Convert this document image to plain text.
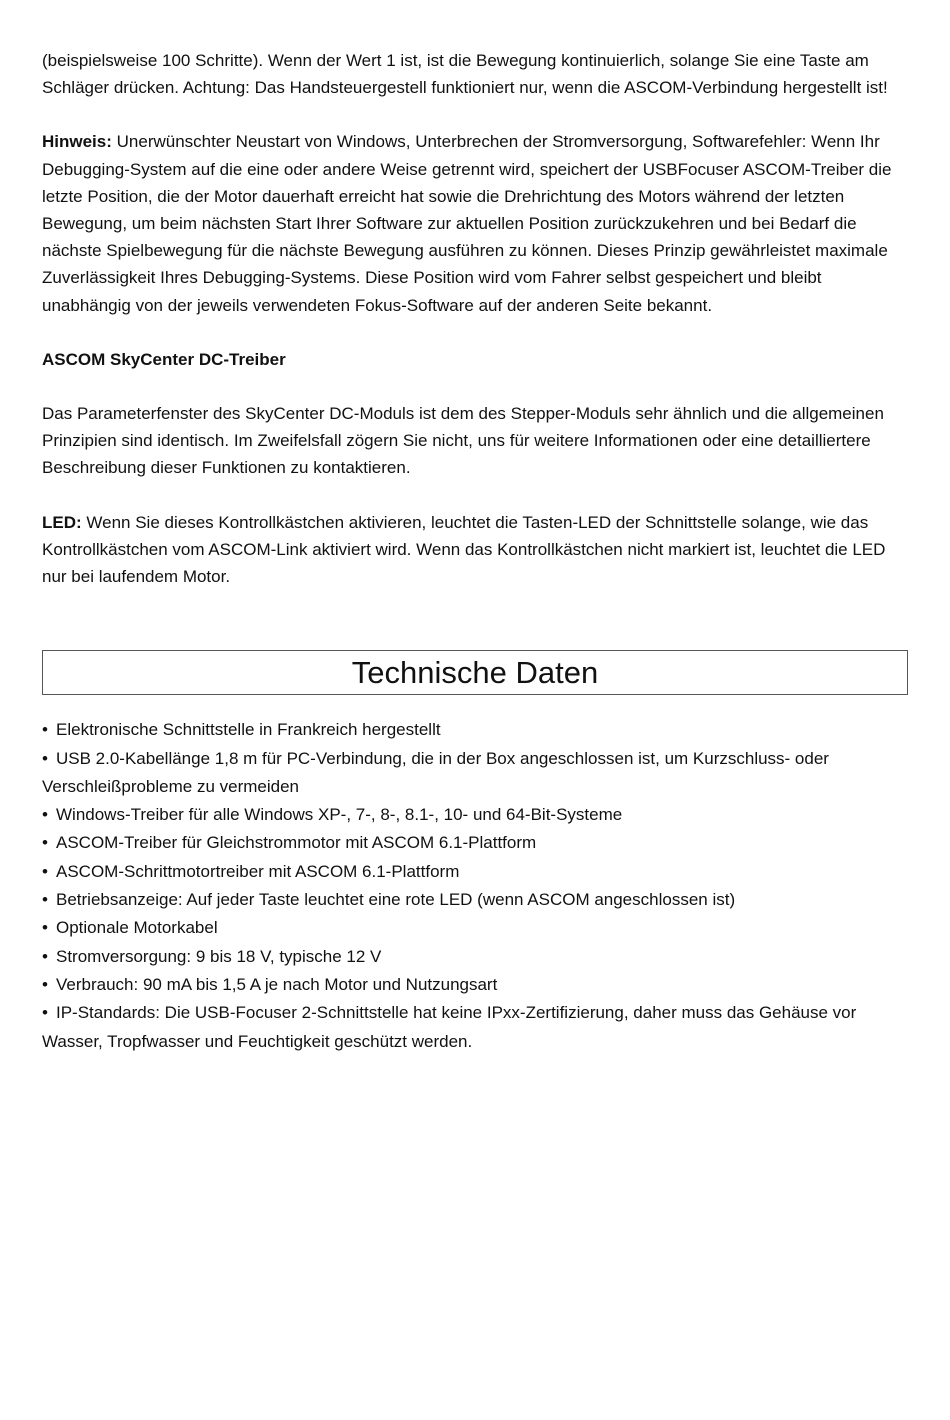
(beispielsweise 100 Schritte). Wenn der Wert 1 ist, ist die Bewegung kontinuierlich, solange Sie eine Taste am Schläger drücken. Achtung: Das Handsteuergestell funktioniert nur, wenn die ASCOM-Verbindung hergestellt ist!

Hinweis: Unerwünschter Neustart von Windows, Unterbrechen der Stromversorgung, Softwarefehler: Wenn Ihr Debugging-System auf die eine oder andere Weise getrennt wird, speichert der USBFocuser ASCOM-Treiber die letzte Position, die der Motor dauerhaft erreicht hat sowie die Drehrichtung des Motors während der letzten Bewegung, um beim nächsten Start Ihrer Software zur aktuellen Position zurückzukehren und bei Bedarf die nächste Spielbewegung für die nächste Bewegung ausführen zu können. Dieses Prinzip gewährleistet maximale Zuverlässigkeit Ihres Debugging-Systems. Diese Position wird vom Fahrer selbst gespeichert und bleibt unabhängig von der jeweils verwendeten Fokus-Software auf der anderen Seite bekannt.

ASCOM SkyCenter DC-Treiber

Das Parameterfenster des SkyCenter DC-Moduls ist dem des Stepper-Moduls sehr ähnlich und die allgemeinen Prinzipien sind identisch. Im Zweifelsfall zögern Sie nicht, uns für weitere Informationen oder eine detailliertere Beschreibung dieser Funktionen zu kontaktieren.

LED: Wenn Sie dieses Kontrollkästchen aktivieren, leuchtet die Tasten-LED der Schnittstelle solange, wie das Kontrollkästchen vom ASCOM-Link aktiviert wird. Wenn das Kontrollkästchen nicht markiert ist, leuchtet die LED nur bei laufendem Motor.

Technische Daten
• Elektronische Schnittstelle in Frankreich hergestellt
• USB 2.0-Kabellänge 1,8 m für PC-Verbindung, die in der Box angeschlossen ist, um Kurzschluss- oder Verschleißprobleme zu vermeiden
• Windows-Treiber für alle Windows XP-, 7-, 8-, 8.1-, 10- und 64-Bit-Systeme
• ASCOM-Treiber für Gleichstrommotor mit ASCOM 6.1-Plattform
• ASCOM-Schrittmotortreiber mit ASCOM 6.1-Plattform
• Betriebsanzeige: Auf jeder Taste leuchtet eine rote LED (wenn ASCOM angeschlossen ist)
• Optionale Motorkabel
• Stromversorgung: 9 bis 18 V, typische 12 V
• Verbrauch: 90 mA bis 1,5 A je nach Motor und Nutzungsart
• IP-Standards: Die USB-Focuser 2-Schnittstelle hat keine IPxx-Zertifizierung, daher muss das Gehäuse vor Wasser, Tropfwasser und Feuchtigkeit geschützt werden.
